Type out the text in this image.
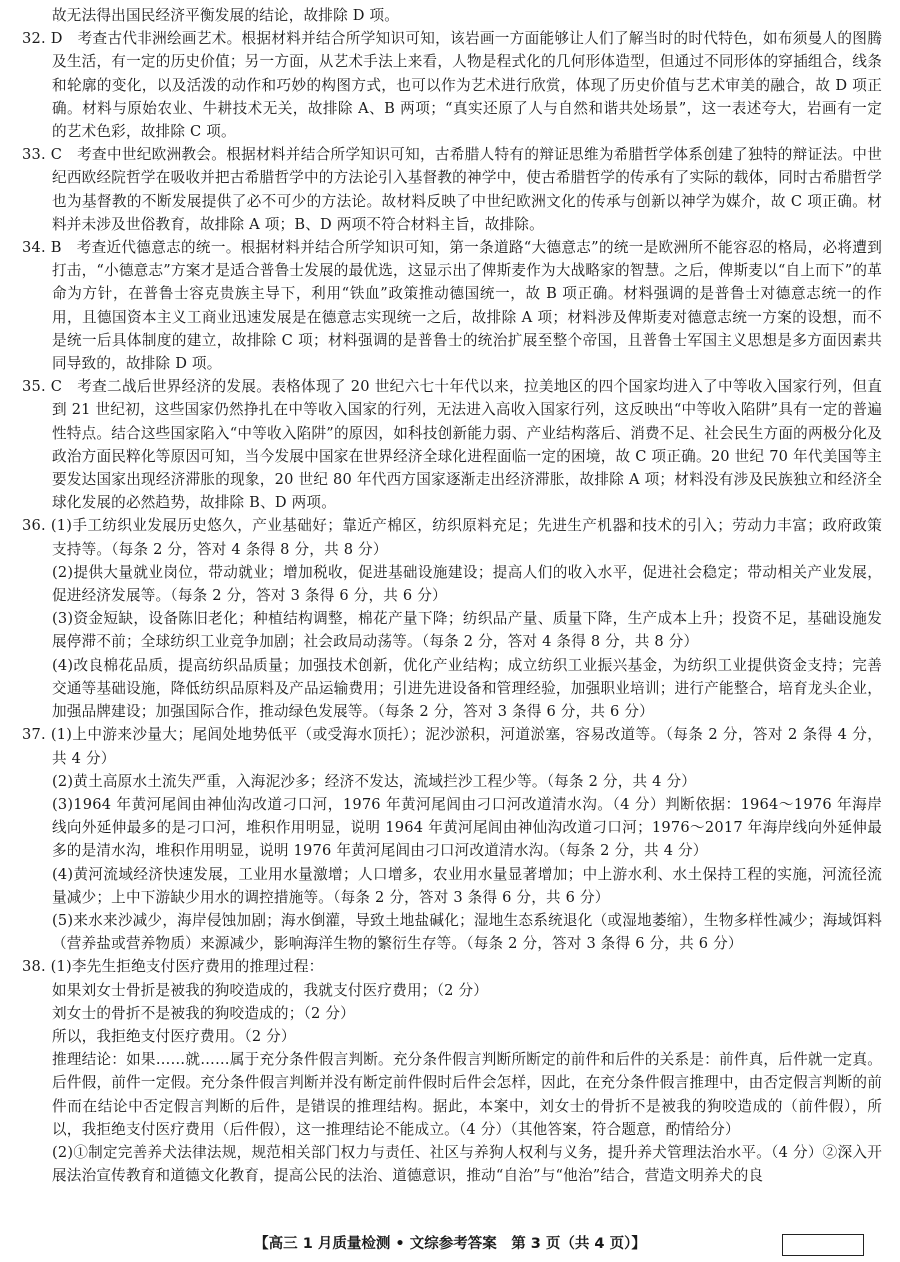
故无法得出国民经济平衡发展的结论，故排除 D 项。

32. D　考查古代非洲绘画艺术。根据材料并结合所学知识可知，该岩画一方面能够让人们了解当时的时代特色，如布须曼人的图腾及生活，有一定的历史价值；另一方面，从艺术手法上来看，人物是程式化的几何形体造型，但通过不同形体的穿插组合，线条和轮廓的变化，以及活泼的动作和巧妙的构图方式，也可以作为艺术进行欣赏，体现了历史价值与艺术审美的融合，故 D 项正确。材料与原始农业、牛耕技术无关，故排除 A、B 两项；“真实还原了人与自然和谐共处场景”，这一表述夸大，岩画有一定的艺术色彩，故排除 C 项。

33. C　考查中世纪欧洲教会。根据材料并结合所学知识可知，古希腊人特有的辩证思维为希腊哲学体系创建了独特的辩证法。中世纪西欧经院哲学在吸收并把古希腊哲学中的方法论引入基督教的神学中，使古希腊哲学的传承有了实际的载体，同时古希腊哲学也为基督教的不断发展提供了必不可少的方法论。故材料反映了中世纪欧洲文化的传承与创新以神学为媒介，故 C 项正确。材料并未涉及世俗教育，故排除 A 项；B、D 两项不符合材料主旨，故排除。

34. B　考查近代德意志的统一。根据材料并结合所学知识可知，第一条道路“大德意志”的统一是欧洲所不能容忍的格局，必将遭到打击，“小德意志”方案才是适合普鲁士发展的最优选，这显示出了俾斯麦作为大战略家的智慧。之后，俾斯麦以“自上而下”的革命为方针，在普鲁士容克贵族主导下，利用“铁血”政策推动德国统一，故 B 项正确。材料强调的是普鲁士对德意志统一的作用，且德国资本主义工商业迅速发展是在德意志实现统一之后，故排除 A 项；材料涉及俾斯麦对德意志统一方案的设想，而不是统一后具体制度的建立，故排除 C 项；材料强调的是普鲁士的统治扩展至整个帝国，且普鲁士军国主义思想是多方面因素共同导致的，故排除 D 项。

35. C　考查二战后世界经济的发展。表格体现了 20 世纪六七十年代以来，拉美地区的四个国家均进入了中等收入国家行列，但直到 21 世纪初，这些国家仍然挣扎在中等收入国家的行列，无法进入高收入国家行列，这反映出“中等收入陷阱”具有一定的普遍性特点。结合这些国家陷入“中等收入陷阱”的原因，如科技创新能力弱、产业结构落后、消费不足、社会民生方面的两极分化及政治方面民粹化等原因可知，当今发展中国家在世界经济全球化进程面临一定的困境，故 C 项正确。20 世纪 70 年代美国等主要发达国家出现经济滞胀的现象，20 世纪 80 年代西方国家逐渐走出经济滞胀，故排除 A 项；材料没有涉及民族独立和经济全球化发展的必然趋势，故排除 B、D 两项。

36. (1)手工纺织业发展历史悠久，产业基础好；靠近产棉区，纺织原料充足；先进生产机器和技术的引入；劳动力丰富；政府政策支持等。（每条 2 分，答对 4 条得 8 分，共 8 分）

(2)提供大量就业岗位，带动就业；增加税收，促进基础设施建设；提高人们的收入水平，促进社会稳定；带动相关产业发展，促进经济发展等。（每条 2 分，答对 3 条得 6 分，共 6 分）

(3)资金短缺，设备陈旧老化；种植结构调整，棉花产量下降；纺织品产量、质量下降，生产成本上升；投资不足，基础设施发展停滞不前；全球纺织工业竞争加剧；社会政局动荡等。（每条 2 分，答对 4 条得 8 分，共 8 分）

(4)改良棉花品质，提高纺织品质量；加强技术创新，优化产业结构；成立纺织工业振兴基金，为纺织工业提供资金支持；完善交通等基础设施，降低纺织品原料及产品运输费用；引进先进设备和管理经验，加强职业培训；进行产能整合，培育龙头企业，加强品牌建设；加强国际合作，推动绿色发展等。（每条 2 分，答对 3 条得 6 分，共 6 分）

37. (1)上中游来沙量大；尾闾处地势低平（或受海水顶托）；泥沙淤积，河道淤塞，容易改道等。（每条 2 分，答对 2 条得 4 分，共 4 分）

(2)黄土高原水土流失严重，入海泥沙多；经济不发达，流域拦沙工程少等。（每条 2 分，共 4 分）

(3)1964 年黄河尾闾由神仙沟改道刁口河，1976 年黄河尾闾由刁口河改道清水沟。（4 分）判断依据：1964～1976 年海岸线向外延伸最多的是刁口河，堆积作用明显，说明 1964 年黄河尾闾由神仙沟改道刁口河；1976～2017 年海岸线向外延伸最多的是清水沟，堆积作用明显，说明 1976 年黄河尾闾由刁口河改道清水沟。（每条 2 分，共 4 分）

(4)黄河流域经济快速发展，工业用水量激增；人口增多，农业用水量显著增加；中上游水利、水土保持工程的实施，河流径流量减少；上中下游缺少用水的调控措施等。（每条 2 分，答对 3 条得 6 分，共 6 分）

(5)来水来沙减少，海岸侵蚀加剧；海水倒灌，导致土地盐碱化；湿地生态系统退化（或湿地萎缩），生物多样性减少；海域饵料（营养盐或营养物质）来源减少，影响海洋生物的繁衍生存等。（每条 2 分，答对 3 条得 6 分，共 6 分）

38. (1)李先生拒绝支付医疗费用的推理过程：

如果刘女士骨折是被我的狗咬造成的，我就支付医疗费用；（2 分）

刘女士的骨折不是被我的狗咬造成的；（2 分）

所以，我拒绝支付医疗费用。（2 分）

推理结论：如果……就……属于充分条件假言判断。充分条件假言判断所断定的前件和后件的关系是：前件真，后件就一定真。后件假，前件一定假。充分条件假言判断并没有断定前件假时后件会怎样，因此，在充分条件假言推理中，由否定假言判断的前件而在结论中否定假言判断的后件，是错误的推理结构。据此，本案中，刘女士的骨折不是被我的狗咬造成的（前件假），所以，我拒绝支付医疗费用（后件假），这一推理结论不能成立。（4 分）（其他答案，符合题意，酌情给分）

(2)①制定完善养犬法律法规，规范相关部门权力与责任、社区与养狗人权利与义务，提升养犬管理法治水平。（4 分）②深入开展法治宣传教育和道德文化教育，提高公民的法治、道德意识，推动“自治”与“他治”结合，营造文明养犬的良

【高三 1 月质量检测 • 文综参考答案　第 3 页（共 4 页）】
